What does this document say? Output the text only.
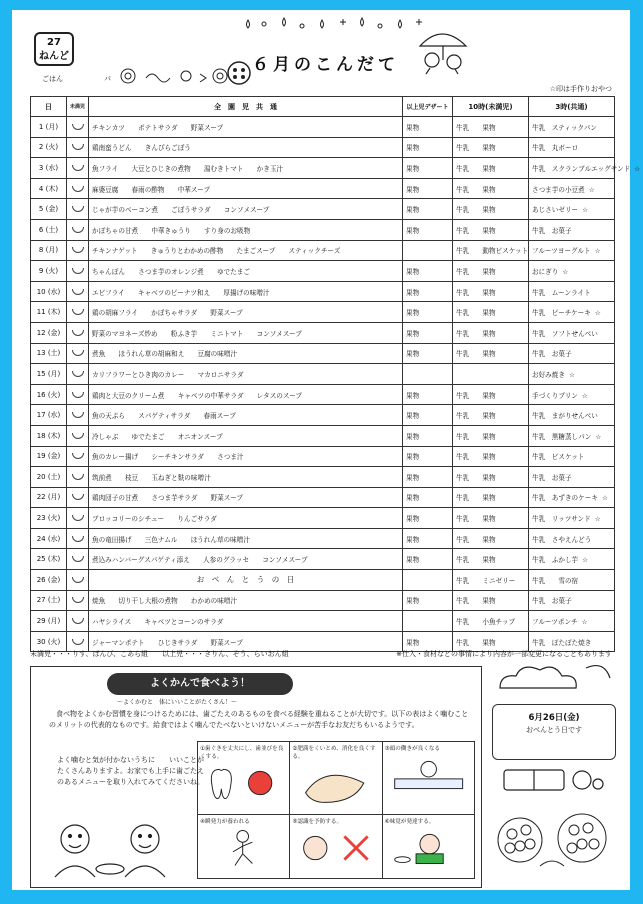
27
ねんど
ごはん	パ
６月のこんだて
☆印は手作りおやつ
日	未満児	全　園　児　共　通	以上児デザート	10時(未満児)	3時(共通)
1 (月)		チキンカツ　　ポテトサラダ　　野菜スープ	果物	牛乳　　果物	牛乳　スティックパン
2 (火)		鶏南蛮うどん　　きんぴらごぼう	果物	牛乳　　果物	牛乳　丸ボーロ
3 (水)		魚フライ　　大豆とひじきの煮物　　湯むきトマト　　かき玉汁	果物	牛乳　　果物	牛乳　スクランブルエッグサンド ☆
4 (木)		麻婆豆腐　　春雨の酢物　　中華スープ	果物	牛乳　　果物	さつま芋の小豆煮 ☆
5 (金)		じゃが芋のベーコン煮　　ごぼうサラダ　　コンソメスープ	果物	牛乳　　果物	あじさいゼリー ☆
6 (土)		かぼちゃの甘煮　　中華きゅうり　　すり身のお吸物	果物	牛乳　　果物	牛乳　お菓子
8 (月)		チキンナゲット　　きゅうりとわかめの酢物　　たまごスープ　　スティックチーズ		牛乳　　動物ビスケット	フルーツヨーグルト ☆
9 (火)		ちゃんぽん　　さつま芋のオレンジ煮　　ゆでたまご	果物	牛乳　　果物	おにぎり ☆
10 (水)		エビフライ　　キャベツのピーナツ和え　　厚揚げの味噌汁	果物	牛乳　　果物	牛乳　ムーンライト
11 (木)		鶏の胡麻フライ　　かぼちゃサラダ　　野菜スープ	果物	牛乳　　果物	牛乳　ピーチケーキ ☆
12 (金)		野菜のマヨネーズ炒め　　粉ふき芋　　ミニトマト　　コンソメスープ	果物	牛乳　　果物	牛乳　ソフトせんべい
13 (土)		煮魚　　ほうれん草の胡麻和え　　豆腐の味噌汁	果物	牛乳　　果物	牛乳　お菓子
15 (月)		カリフラワーとひき肉のカレー　　マカロニサラダ			お好み焼き ☆
16 (火)		鶏肉と大豆のクリーム煮　　キャベツの中華サラダ　　レタスのスープ	果物	牛乳　　果物	手づくりプリン ☆
17 (水)		魚の天ぷら　　スパゲティサラダ　　春雨スープ	果物	牛乳　　果物	牛乳　まがりせんべい
18 (木)		冷しゃぶ　　ゆでたまご　　オニオンスープ	果物	牛乳　　果物	牛乳　黒糖蒸しパン ☆
19 (金)		魚のカレー揚げ　　シーチキンサラダ　　さつま汁	果物	牛乳　　果物	牛乳　ビスケット
20 (土)		筑前煮　　枝豆　　玉ねぎと麩の味噌汁	果物	牛乳　　果物	牛乳　お菓子
22 (月)		鶏肉団子の甘煮　　さつま芋サラダ　　野菜スープ	果物	牛乳　　果物	牛乳　あずきのケーキ ☆
23 (火)		ブロッコリーのシチュー　　りんごサラダ	果物	牛乳　　果物	牛乳　リッツサンド ☆
24 (水)		魚の竜田揚げ　　三色ナムル　　ほうれん草の味噌汁	果物	牛乳　　果物	牛乳　さやえんどう
25 (木)		煮込みハンバーグスパゲティ添え　　人参のグラッセ　　コンソメスープ	果物	牛乳　　果物	牛乳　ふかし芋 ☆
26 (金)		お　べ　ん　と　う　の　日		牛乳　　ミニゼリー	牛乳　　雪の宿
27 (土)		焼魚　　切り干し大根の煮物　　わかめの味噌汁	果物	牛乳　　果物	牛乳　お菓子
29 (月)		ハヤシライス　　キャベツとコーンのサラダ		牛乳　　小魚チップ	フルーツポンチ ☆
30 (火)		ジャーマンポテト　　ひじきサラダ　　野菜スープ	果物	牛乳　　果物	牛乳　ぽたぽた焼き
未満児・・・りす、ばんび、こあら組　　以上児・・・きりん、ぞう、らいおん組	※仕入・食材などの事情により内容が一部変更になることもあります
よくかんで食べよう！
～よくかむと　体にいいことがたくさん！～
　食べ物をよくかむ習慣を身につけるためには、歯ごたえのあるものを食べる経験を重ねることが大切です。以下の表はよく噛むことのメリットの代表的なものです。給食ではよく噛んでたべないといけないメニューが苦手なお友だちもいるようです。
よく噛むと気が付かないうちに　　いいことがたくさんありますよ。お家でも上手に歯ごたえのあるメニューを取り入れてみてくださいね。
①歯ぐきを丈夫にし、歯並びを良くする。	②肥満をくいとめ、消化を良くする。	③頭の働きが良くなる

④瞬発力が養われる	⑤認識を予防する。	⑥味覚が発達する。
6月26日(金)
おべんとう日です
